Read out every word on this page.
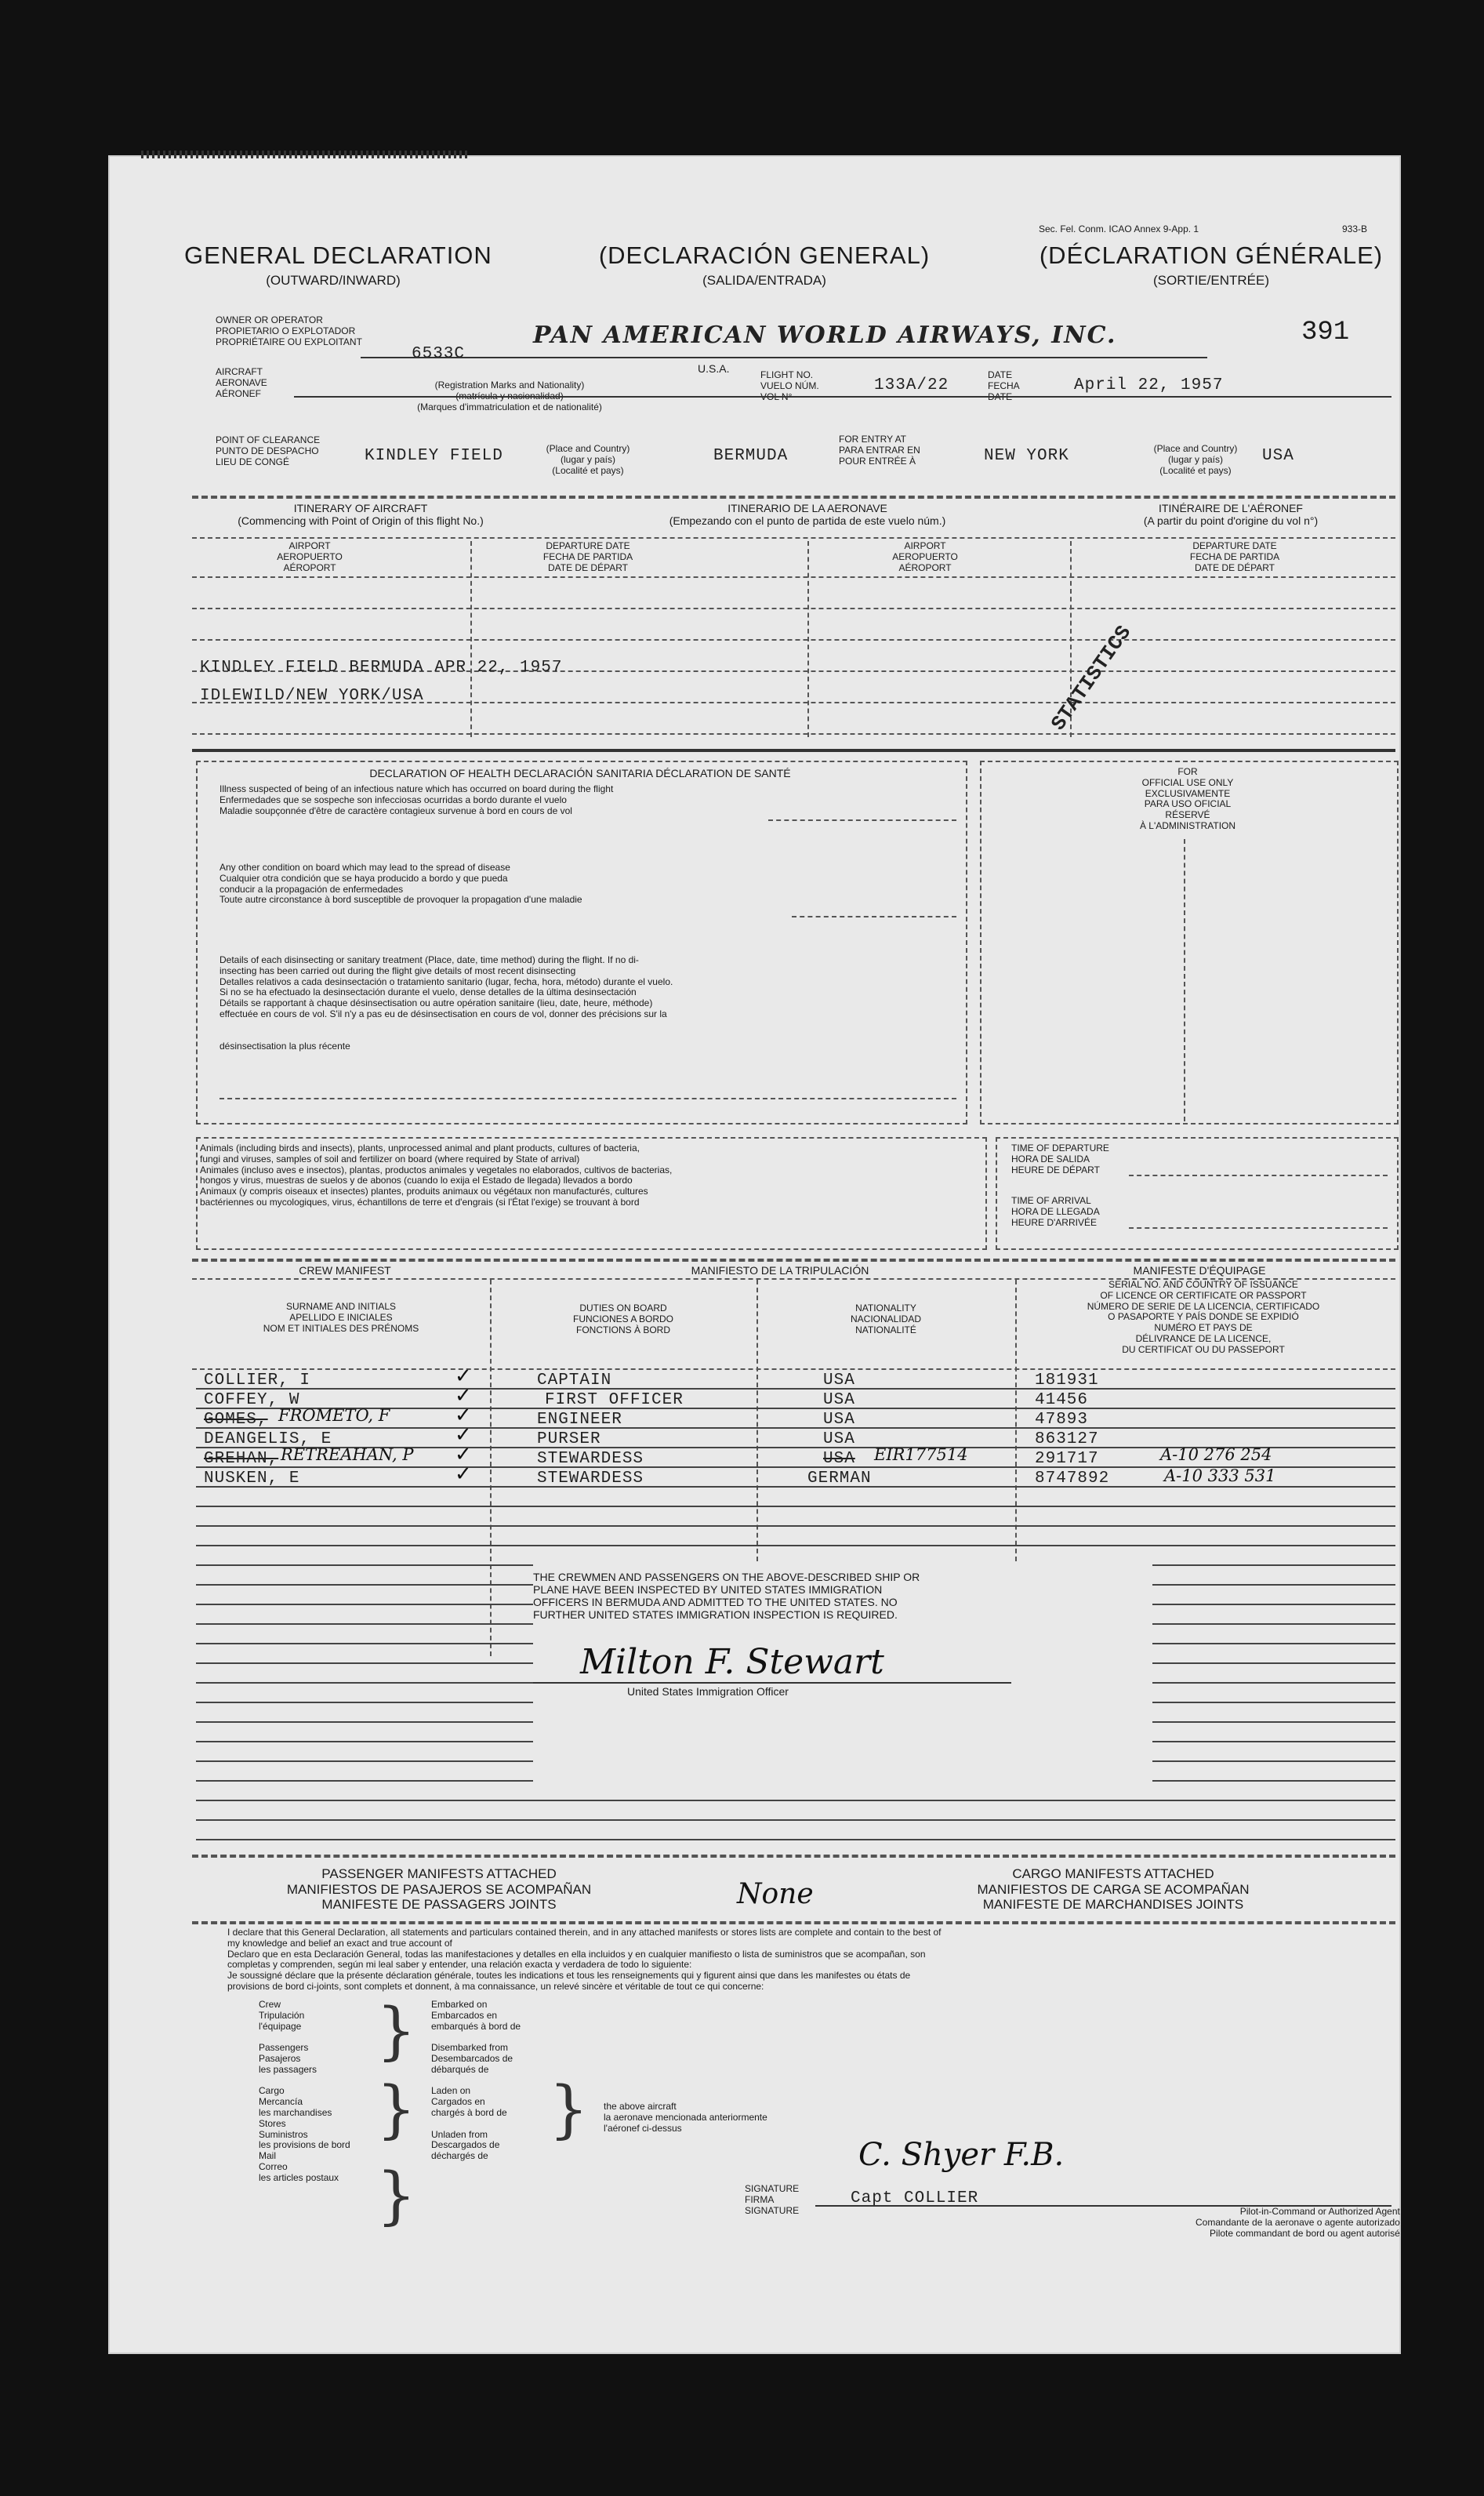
Sec. Fel. Conm. ICAO Annex 9-App. 1	933-B
GENERAL DECLARATION
(OUTWARD/INWARD)
(DECLARACIÓN GENERAL)
(SALIDA/ENTRADA)
(DÉCLARATION GÉNÉRALE)
(SORTIE/ENTRÉE)
OWNER OR OPERATOR
PROPIETARIO O EXPLOTADOR
PROPRIÉTAIRE OU EXPLOITANT
6533C
PAN AMERICAN WORLD AIRWAYS, INC.	391
AIRCRAFT
AERONAVE
AÉRONEF
(Registration Marks and Nationality)
(matrícula y nacionalidad)
(Marques d'immatriculation et de nationalité)
U.S.A.	FLIGHT NO.
VUELO NÚM.
VOL N°
133A/22
DATE
FECHA
DATE
April 22, 1957
POINT OF CLEARANCE
PUNTO DE DESPACHO
LIEU DE CONGÉ	KINDLEY FIELD	(Place and Country)
(lugar y país)
(Localité et pays)
BERMUDA
FOR ENTRY AT
PARA ENTRAR EN
POUR ENTRÉE À	NEW YORK	(Place and Country)
(lugar y país)
(Localité et pays)
USA
ITINERARY OF AIRCRAFT
(Commencing with Point of Origin of this flight No.)
ITINERARIO DE LA AERONAVE
(Empezando con el punto de partida de este vuelo núm.)
ITINÉRAIRE DE L'AÉRONEF
(A partir du point d'origine du vol n°)
AIRPORT
AEROPUERTO
AÉROPORT
DEPARTURE DATE
FECHA DE PARTIDA
DATE DE DÉPART
AIRPORT
AEROPUERTO
AÉROPORT
DEPARTURE DATE
FECHA DE PARTIDA
DATE DE DÉPART
KINDLEY FIELD BERMUDA APR 22, 1957
IDLEWILD/NEW YORK/USA	STATISTICS
DECLARATION OF HEALTH DECLARACIÓN SANITARIA DÉCLARATION DE SANTÉ
Illness suspected of being of an infectious nature which has occurred on board during the flight
Enfermedades que se sospeche son infecciosas ocurridas a bordo durante el vuelo
Maladie soupçonnée d'être de caractère contagieux survenue à bord en cours de vol
Any other condition on board which may lead to the spread of disease
Cualquier otra condición que se haya producido a bordo y que pueda
conducir a la propagación de enfermedades
Toute autre circonstance à bord susceptible de provoquer la propagation d'une maladie
Details of each disinsecting or sanitary treatment (Place, date, time method) during the flight. If no di-
insecting has been carried out during the flight give details of most recent disinsecting
Detalles relativos a cada desinsectación o tratamiento sanitario (lugar, fecha, hora, método) durante el vuelo.
Si no se ha efectuado la desinsectación durante el vuelo, dense detalles de la última desinsectación
Détails se rapportant à chaque désinsectisation ou autre opération sanitaire (lieu, date, heure, méthode)
effectuée en cours de vol. S'il n'y a pas eu de désinsectisation en cours de vol, donner des précisions sur la
désinsectisation la plus récente
FOR
OFFICIAL USE ONLY
EXCLUSIVAMENTE
PARA USO OFICIAL
RÉSERVÉ
À L'ADMINISTRATION
Animals (including birds and insects), plants, unprocessed animal and plant products, cultures of bacteria,
fungi and viruses, samples of soil and fertilizer on board (where required by State of arrival)
Animales (incluso aves e insectos), plantas, productos animales y vegetales no elaborados, cultivos de bacterias,
hongos y virus, muestras de suelos y de abonos (cuando lo exija el Estado de llegada) llevados a bordo
Animaux (y compris oiseaux et insectes) plantes, produits animaux ou végétaux non manufacturés, cultures
bactériennes ou mycologiques, virus, échantillons de terre et d'engrais (si l'État l'exige) se trouvant à bord
TIME OF DEPARTURE
HORA DE SALIDA
HEURE DE DÉPART
TIME OF ARRIVAL
HORA DE LLEGADA
HEURE D'ARRIVÉE
CREW MANIFEST	MANIFIESTO DE LA TRIPULACIÓN	MANIFESTE D'ÉQUIPAGE
SURNAME AND INITIALS
APELLIDO E INICIALES
NOM ET INITIALES DES PRÉNOMS
DUTIES ON BOARD
FUNCIONES A BORDO
FONCTIONS À BORD
NATIONALITY
NACIONALIDAD
NATIONALITÉ
SERIAL NO. AND COUNTRY OF ISSUANCE
OF LICENCE OR CERTIFICATE OR PASSPORT
NÚMERO DE SERIE DE LA LICENCIA, CERTIFICADO
O PASAPORTE Y PAÍS DONDE SE EXPIDIÓ
NUMÉRO ET PAYS DE
DÉLIVRANCE DE LA LICENCE,
DU CERTIFICAT OU DU PASSEPORT
COLLIER, I	✓	CAPTAIN	USA	181931
COFFEY, W	✓	FIRST OFFICER	USA	41456
GOMES, FROMETO, F	✓	ENGINEER	USA	47893
DEANGELIS, E	✓	PURSER	USA	863127
GREHAN, RETREAHAN, P ✓	STEWARDESS	USA EIR177514	291717	A-10 276 254
NUSKEN, E	✓	STEWARDESS	GERMAN	8747892	A-10 333 531
THE CREWMEN AND PASSENGERS ON THE ABOVE-DESCRIBED SHIP OR
PLANE HAVE BEEN INSPECTED BY UNITED STATES IMMIGRATION
OFFICERS IN BERMUDA AND ADMITTED TO THE UNITED STATES. NO
FURTHER UNITED STATES IMMIGRATION INSPECTION IS REQUIRED.
Milton F. Stewart
United States Immigration Officer
PASSENGER MANIFESTS ATTACHED
MANIFIESTOS DE PASAJEROS SE ACOMPAÑAN
MANIFESTE DE PASSAGERS JOINTS	None
CARGO MANIFESTS ATTACHED
MANIFIESTOS DE CARGA SE ACOMPAÑAN
MANIFESTE DE MARCHANDISES JOINTS
I declare that this General Declaration, all statements and particulars contained therein, and in any attached manifests or stores lists are complete and contain to the best of
my knowledge and belief an exact and true account of
Declaro que en esta Declaración General, todas las manifestaciones y detalles en ella incluidos y en cualquier manifiesto o lista de suministros que se acompañan, son
completas y comprenden, según mi leal saber y entender, una relación exacta y verdadera de todo lo siguiente:
Je soussigné déclare que la présente déclaration générale, toutes les indications et tous les renseignements qui y figurent ainsi que dans les manifestes ou états de
provisions de bord ci-joints, sont complets et donnent, à ma connaissance, un relevé sincère et véritable de tout ce qui concerne:
Crew
Tripulación
l'équipage

Passengers
Pasajeros
les passagers

Cargo
Mercancía
les marchandises
Stores
Suministros
les provisions de bord
Mail
Correo
les articles postaux
}
}
}
Embarked on
Embarcados en
embarqués à bord de

Disembarked from
Desembarcados de
débarqués de

Laden on
Cargados en
chargés à bord de

Unladen from
Descargados de
déchargés de
} the above aircraft
la aeronave mencionada anteriormente
l'aéronef ci-dessus
SIGNATURE
FIRMA
SIGNATURE
C. Shyer F.B.
Capt COLLIER
Pilot-in-Command or Authorized Agent
Comandante de la aeronave o agente autorizado
Pilote commandant de bord ou agent autorisé
